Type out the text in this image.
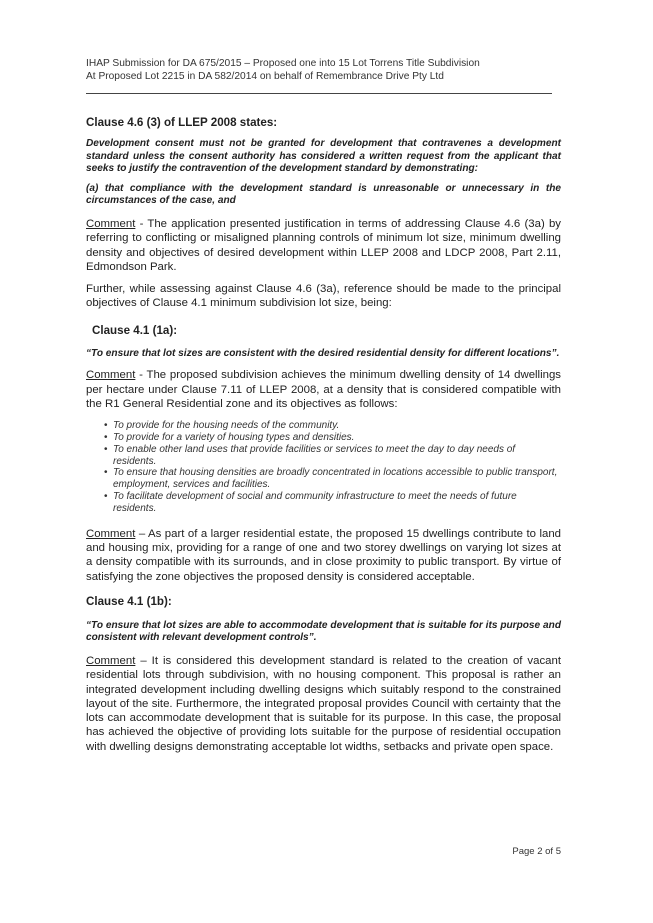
IHAP Submission for DA 675/2015 – Proposed one into 15 Lot Torrens Title Subdivision
At Proposed Lot 2215 in DA 582/2014 on behalf of Remembrance Drive Pty Ltd

Clause 4.6 (3) of LLEP 2008 states:

Development consent must not be granted for development that contravenes a development standard unless the consent authority has considered a written request from the applicant that seeks to justify the contravention of the development standard by demonstrating:

(a) that compliance with the development standard is unreasonable or unnecessary in the circumstances of the case, and

Comment - The application presented justification in terms of addressing Clause 4.6 (3a) by referring to conflicting or misaligned planning controls of minimum lot size, minimum dwelling density and objectives of desired development within LLEP 2008 and LDCP 2008, Part 2.11, Edmondson Park.

Further, while assessing against Clause 4.6 (3a), reference should be made to the principal objectives of Clause 4.1 minimum subdivision lot size, being:

Clause 4.1 (1a):

“To ensure that lot sizes are consistent with the desired residential density for different locations”.

Comment - The proposed subdivision achieves the minimum dwelling density of 14 dwellings per hectare under Clause 7.11 of LLEP 2008, at a density that is considered compatible with the R1 General Residential zone and its objectives as follows:

• To provide for the housing needs of the community.
• To provide for a variety of housing types and densities.
• To enable other land uses that provide facilities or services to meet the day to day needs of residents.
• To ensure that housing densities are broadly concentrated in locations accessible to public transport, employment, services and facilities.
• To facilitate development of social and community infrastructure to meet the needs of future residents.

Comment – As part of a larger residential estate, the proposed 15 dwellings contribute to land and housing mix, providing for a range of one and two storey dwellings on varying lot sizes at a density compatible with its surrounds, and in close proximity to public transport. By virtue of satisfying the zone objectives the proposed density is considered acceptable.

Clause 4.1 (1b):

“To ensure that lot sizes are able to accommodate development that is suitable for its purpose and consistent with relevant development controls”.

Comment – It is considered this development standard is related to the creation of vacant residential lots through subdivision, with no housing component. This proposal is rather an integrated development including dwelling designs which suitably respond to the constrained layout of the site. Furthermore, the integrated proposal provides Council with certainty that the lots can accommodate development that is suitable for its purpose. In this case, the proposal has achieved the objective of providing lots suitable for the purpose of residential occupation with dwelling designs demonstrating acceptable lot widths, setbacks and private open space.

Page 2 of 5
